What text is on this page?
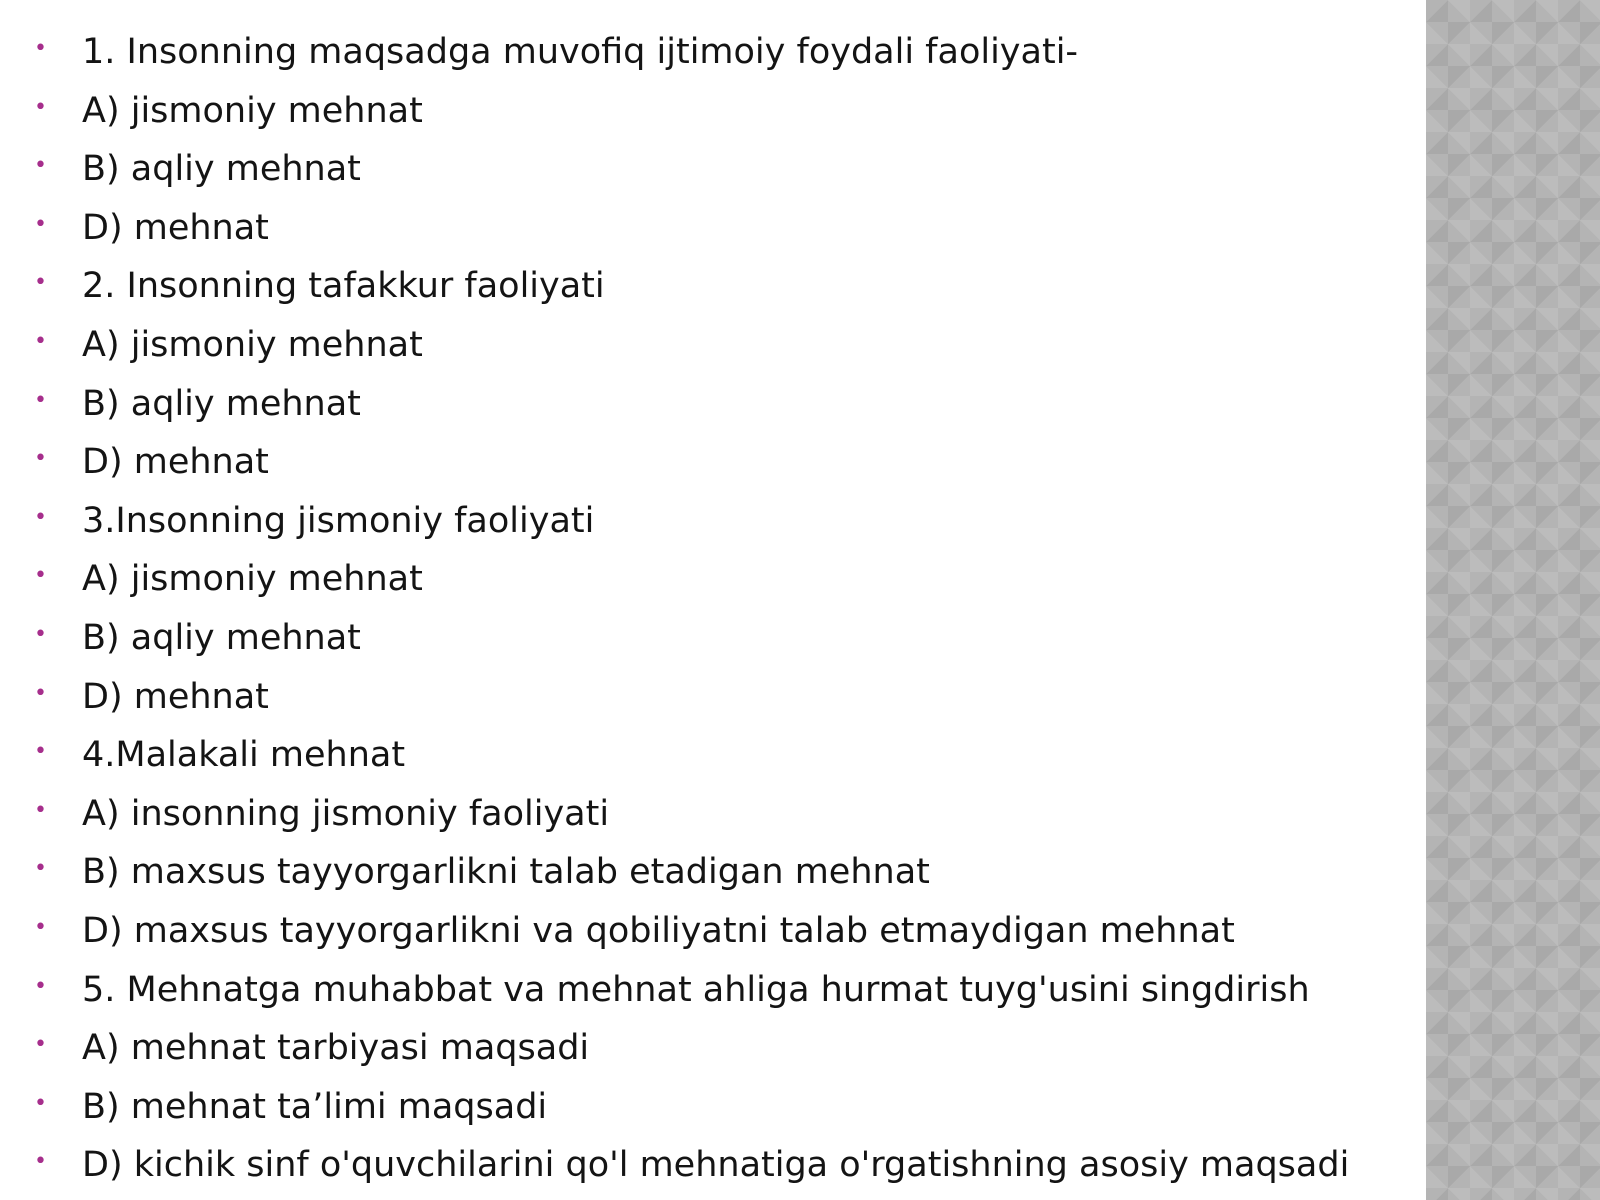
• 1. Insonning maqsadga muvofiq ijtimoiy foydali faoliyati-
• A) jismoniy mehnat
• B) aqliy mehnat
• D) mehnat
• 2. Insonning tafakkur faoliyati
• A) jismoniy mehnat
• B) aqliy mehnat
• D) mehnat
• 3.Insonning jismoniy faoliyati
• A) jismoniy mehnat
• B) aqliy mehnat
• D) mehnat
• 4.Malakali mehnat
• A) insonning jismoniy faoliyati
• B) maxsus tayyorgarlikni talab etadigan mehnat
• D) maxsus tayyorgarlikni va qobiliyatni talab etmaydigan mehnat
• 5. Mehnatga muhabbat va mehnat ahliga hurmat tuyg'usini singdirish
• A) mehnat tarbiyasi maqsadi
• B) mehnat ta’limi maqsadi
• D) kichik sinf o'quvchilarini qo'l mehnatiga o'rgatishning asosiy maqsadi
